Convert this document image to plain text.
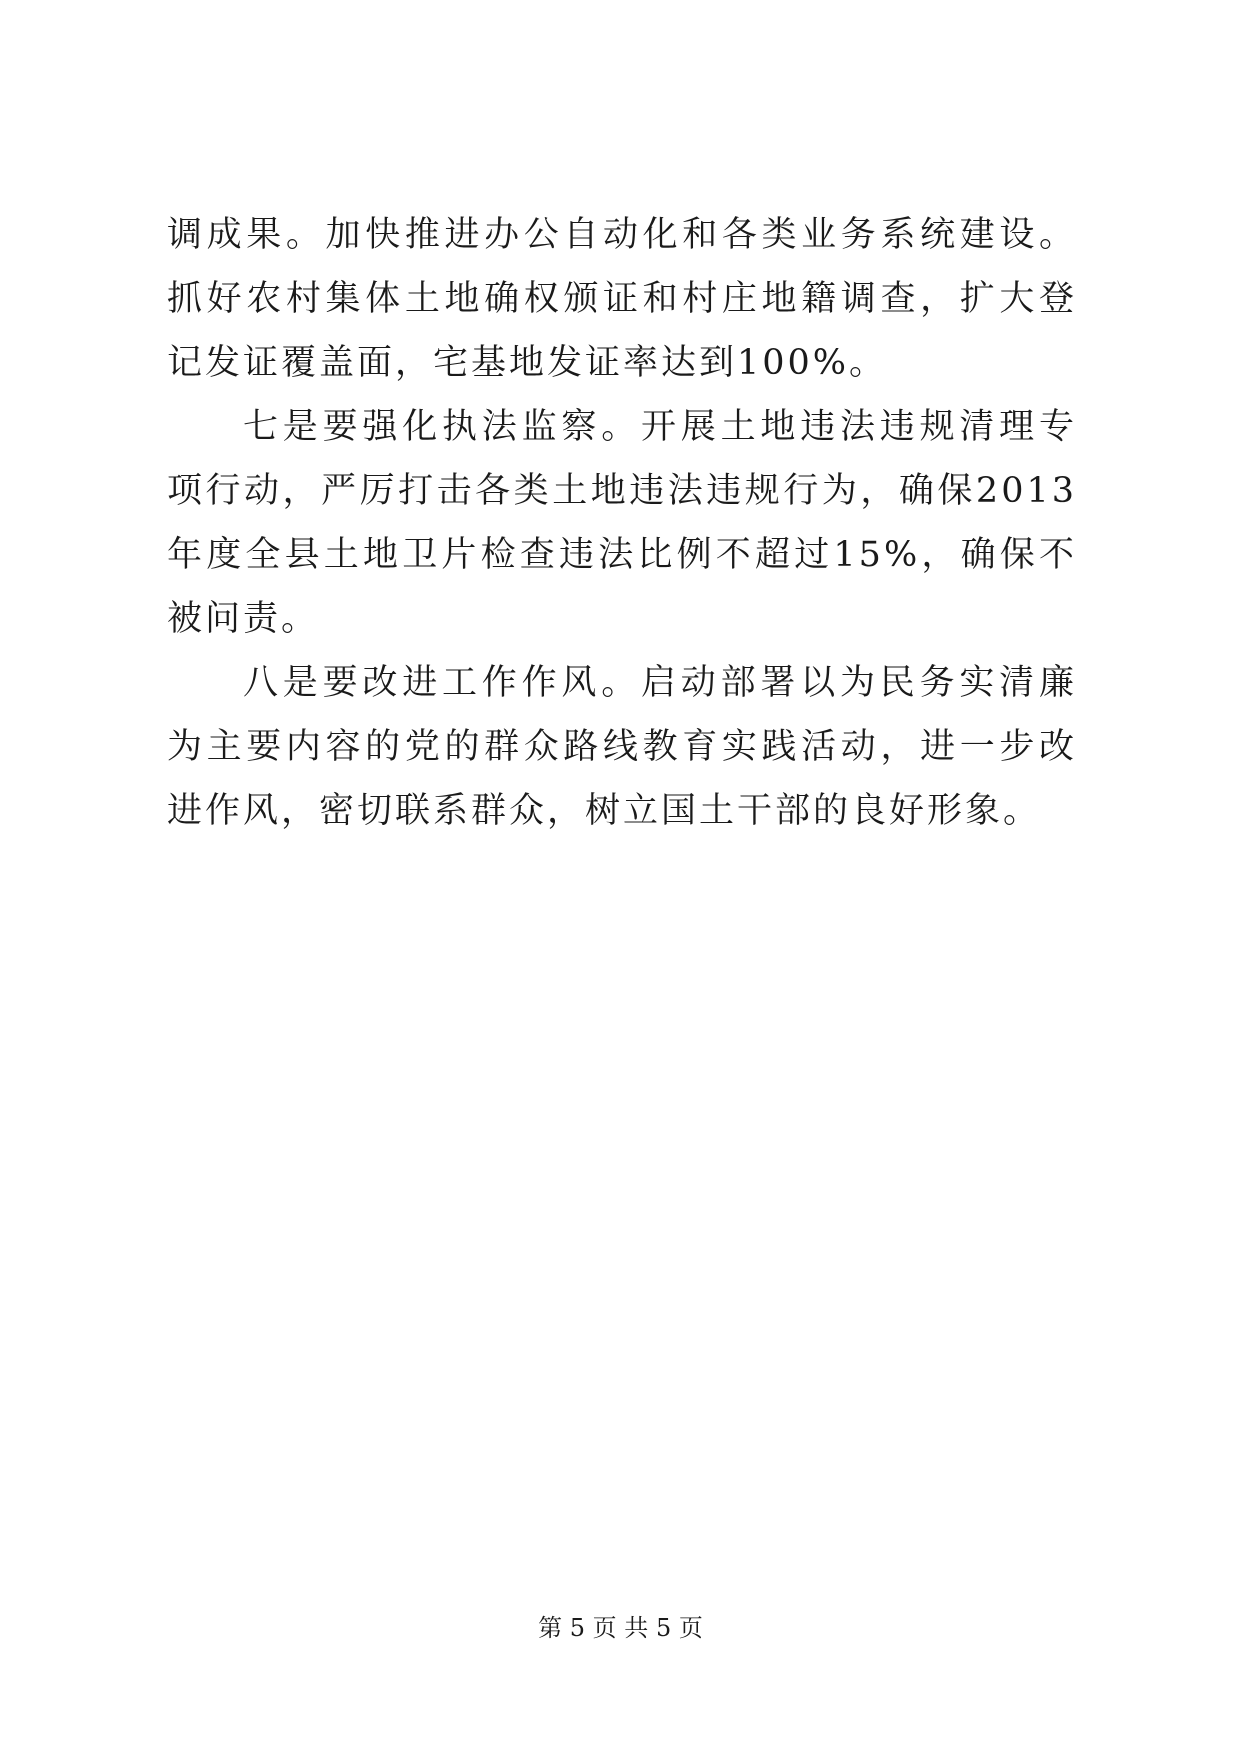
调成果。加快推进办公自动化和各类业务系统建设。抓好农村集体土地确权颁证和村庄地籍调查，扩大登记发证覆盖面，宅基地发证率达到100%。

七是要强化执法监察。开展土地违法违规清理专项行动，严厉打击各类土地违法违规行为，确保2013年度全县土地卫片检查违法比例不超过15%，确保不被问责。

八是要改进工作作风。启动部署以为民务实清廉为主要内容的党的群众路线教育实践活动，进一步改进作风，密切联系群众，树立国土干部的良好形象。

第 5 页 共 5 页
